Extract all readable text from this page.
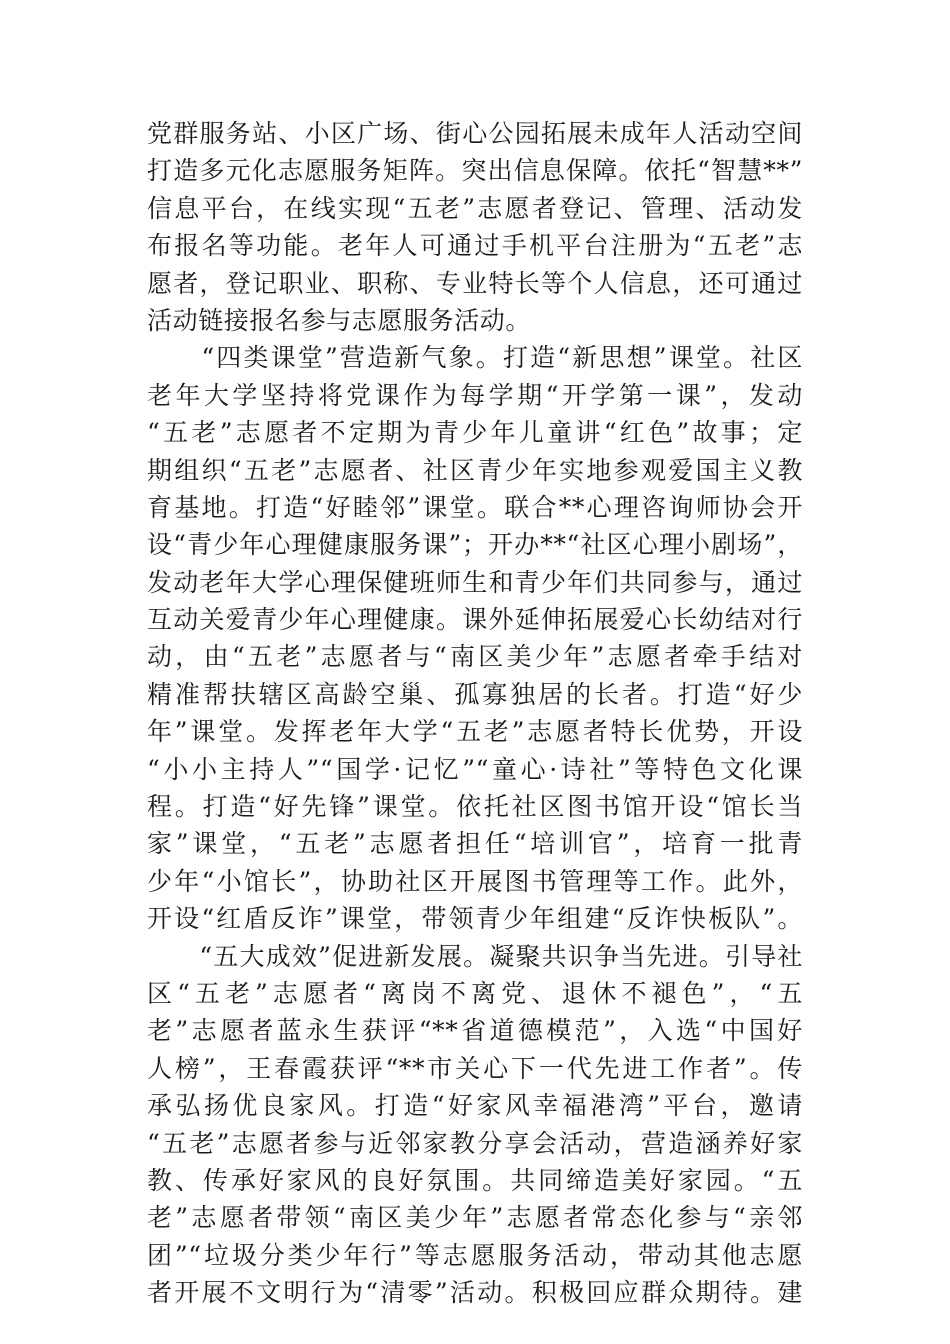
党群服务站、小区广场、街心公园拓展未成年人活动空间
打造多元化志愿服务矩阵。突出信息保障。依托“智慧**”
信息平台，在线实现“五老”志愿者登记、管理、活动发
布报名等功能。老年人可通过手机平台注册为“五老”志
愿者，登记职业、职称、专业特长等个人信息，还可通过
活动链接报名参与志愿服务活动。
　　“四类课堂”营造新气象。打造“新思想”课堂。社区
老年大学坚持将党课作为每学期“开学第一课”，发动
“五老”志愿者不定期为青少年儿童讲“红色”故事；定
期组织“五老”志愿者、社区青少年实地参观爱国主义教
育基地。打造“好睦邻”课堂。联合**心理咨询师协会开
设“青少年心理健康服务课”；开办**“社区心理小剧场”，
发动老年大学心理保健班师生和青少年们共同参与，通过
互动关爱青少年心理健康。课外延伸拓展爱心长幼结对行
动，由“五老”志愿者与“南区美少年”志愿者牵手结对
精准帮扶辖区高龄空巢、孤寡独居的长者。打造“好少
年”课堂。发挥老年大学“五老”志愿者特长优势，开设
“小小主持人”“国学·记忆”“童心·诗社”等特色文化课
程。打造“好先锋”课堂。依托社区图书馆开设“馆长当
家”课堂，“五老”志愿者担任“培训官”，培育一批青
少年“小馆长”，协助社区开展图书管理等工作。此外，
开设“红盾反诈”课堂，带领青少年组建“反诈快板队”。
　　“五大成效”促进新发展。凝聚共识争当先进。引导社
区“五老”志愿者“离岗不离党、退休不褪色”，“五
老”志愿者蓝永生获评“**省道德模范”，入选“中国好
人榜”，王春霞获评“**市关心下一代先进工作者”。传
承弘扬优良家风。打造“好家风幸福港湾”平台，邀请
“五老”志愿者参与近邻家教分享会活动，营造涵养好家
教、传承好家风的良好氛围。共同缔造美好家园。“五
老”志愿者带领“南区美少年”志愿者常态化参与“亲邻
团”“垃圾分类少年行”等志愿服务活动，带动其他志愿
者开展不文明行为“清零”活动。积极回应群众期待。建
